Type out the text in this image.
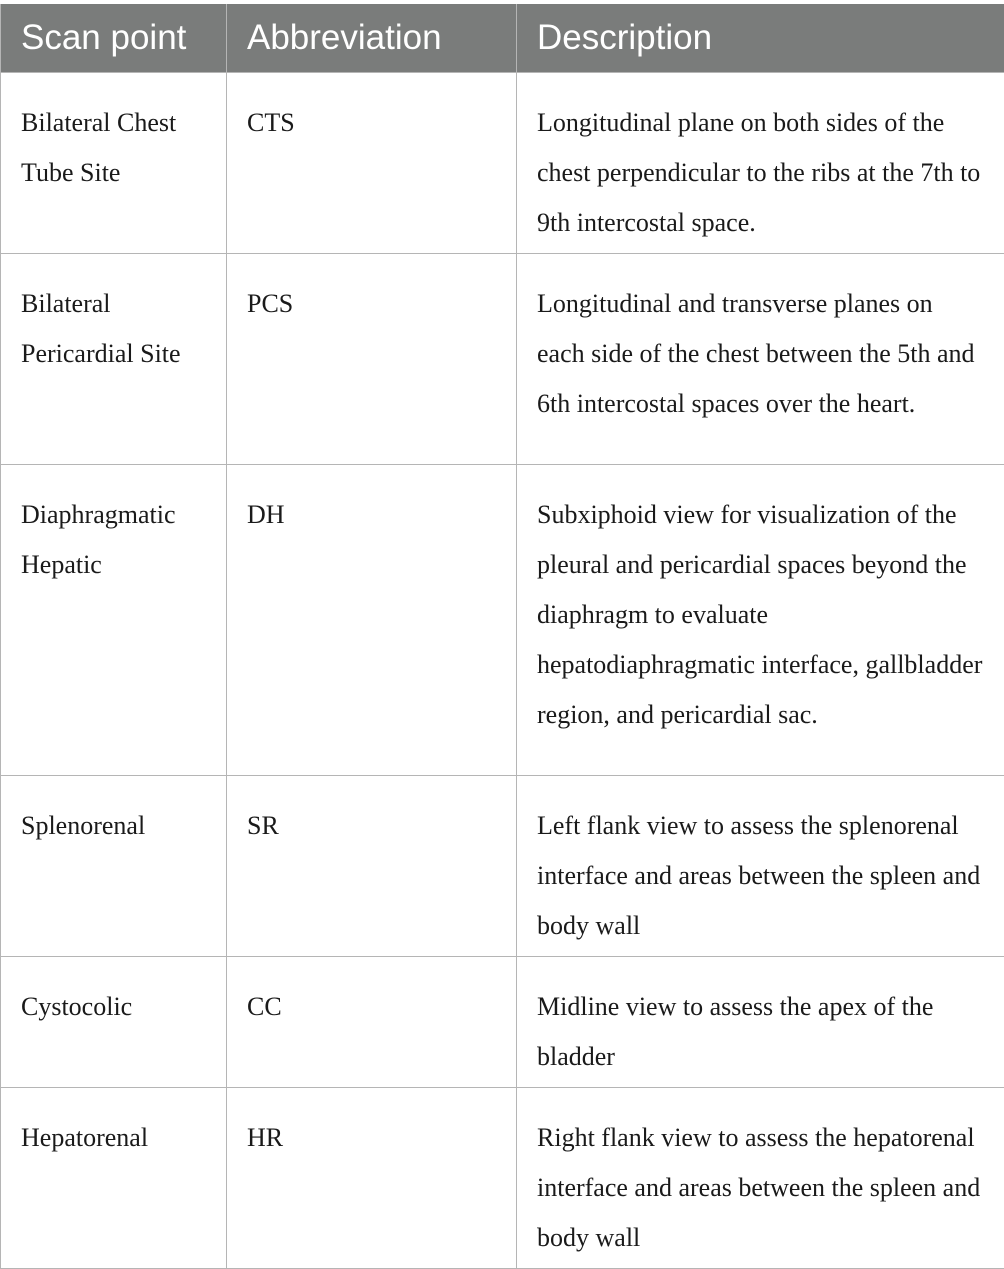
Scan point	Abbreviation	Description

Bilateral Chest Tube Site	CTS	Longitudinal plane on both sides of the chest perpendicular to the ribs at the 7th to 9th intercostal space.

Bilateral Pericardial Site	PCS	Longitudinal and transverse planes on each side of the chest between the 5th and 6th intercostal spaces over the heart.

Diaphragmatic Hepatic	DH	Subxiphoid view for visualization of the pleural and pericardial spaces beyond the diaphragm to evaluate hepatodiaphragmatic interface, gallbladder region, and pericardial sac.

Splenorenal	SR	Left flank view to assess the splenorenal interface and areas between the spleen and body wall

Cystocolic	CC	Midline view to assess the apex of the bladder

Hepatorenal	HR	Right flank view to assess the hepatorenal interface and areas between the spleen and body wall
